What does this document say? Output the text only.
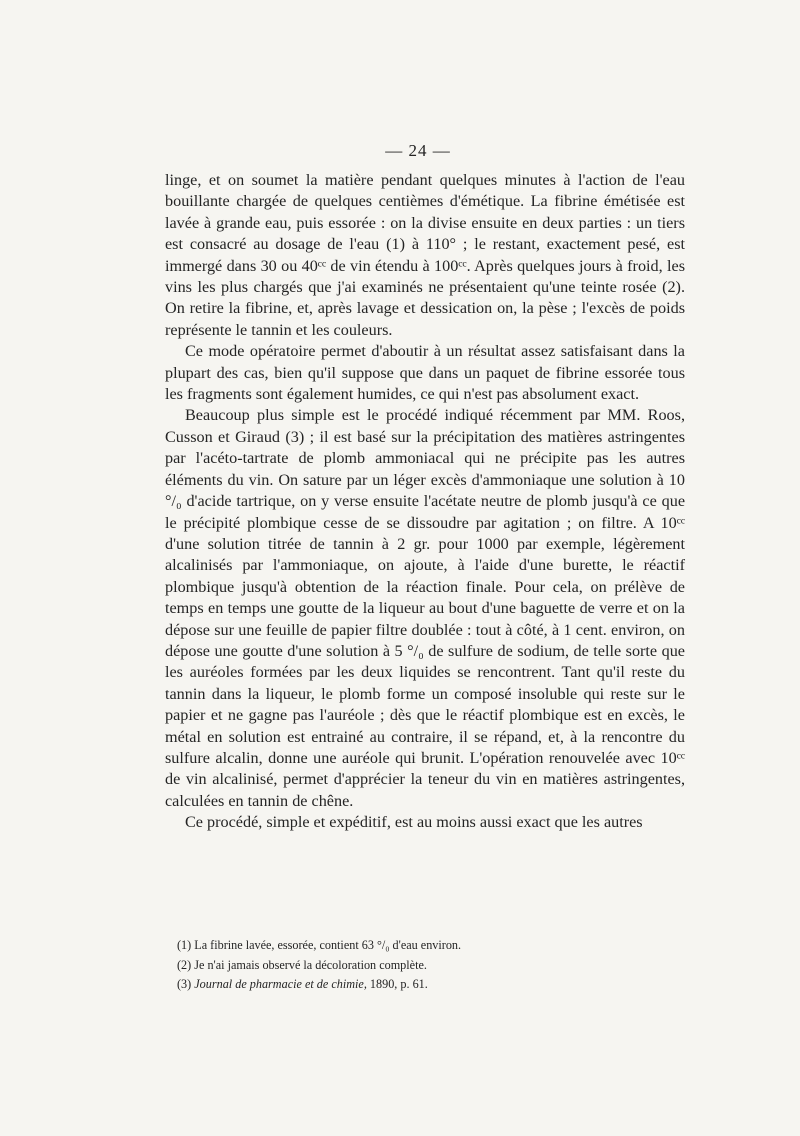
— 24 —

linge, et on soumet la matière pendant quelques minutes à l'action de l'eau bouillante chargée de quelques centièmes d'émétique. La fibrine émétisée est lavée à grande eau, puis essorée : on la divise ensuite en deux parties : un tiers est consacré au dosage de l'eau (1) à 110° ; le restant, exactement pesé, est immergé dans 30 ou 40ᶜᶜ de vin étendu à 100ᶜᶜ. Après quelques jours à froid, les vins les plus chargés que j'ai examinés ne présentaient qu'une teinte rosée (2). On retire la fibrine, et, après lavage et dessication on, la pèse ; l'excès de poids représente le tannin et les couleurs.

Ce mode opératoire permet d'aboutir à un résultat assez satisfaisant dans la plupart des cas, bien qu'il suppose que dans un paquet de fibrine essorée tous les fragments sont également humides, ce qui n'est pas absolument exact.

Beaucoup plus simple est le procédé indiqué récemment par MM. Roos, Cusson et Giraud (3) ; il est basé sur la précipitation des matières astringentes par l'acéto-tartrate de plomb ammoniacal qui ne précipite pas les autres éléments du vin. On sature par un léger excès d'ammoniaque une solution à 10 °/₀ d'acide tartrique, on y verse ensuite l'acétate neutre de plomb jusqu'à ce que le précipité plombique cesse de se dissoudre par agitation ; on filtre. A 10ᶜᶜ d'une solution titrée de tannin à 2 gr. pour 1000 par exemple, légèrement alcalinisés par l'ammoniaque, on ajoute, à l'aide d'une burette, le réactif plombique jusqu'à obtention de la réaction finale. Pour cela, on prélève de temps en temps une goutte de la liqueur au bout d'une baguette de verre et on la dépose sur une feuille de papier filtre doublée : tout à côté, à 1 cent. environ, on dépose une goutte d'une solution à 5 °/₀ de sulfure de sodium, de telle sorte que les auréoles formées par les deux liquides se rencontrent. Tant qu'il reste du tannin dans la liqueur, le plomb forme un composé insoluble qui reste sur le papier et ne gagne pas l'auréole ; dès que le réactif plombique est en excès, le métal en solution est entrainé au contraire, il se répand, et, à la rencontre du sulfure alcalin, donne une auréole qui brunit. L'opération renouvelée avec 10ᶜᶜ de vin alcalinisé, permet d'apprécier la teneur du vin en matières astringentes, calculées en tannin de chêne.

Ce procédé, simple et expéditif, est au moins aussi exact que les autres

(1) La fibrine lavée, essorée, contient 63 °/₀ d'eau environ.

(2) Je n'ai jamais observé la décoloration complète.

(3) Journal de pharmacie et de chimie, 1890, p. 61.
